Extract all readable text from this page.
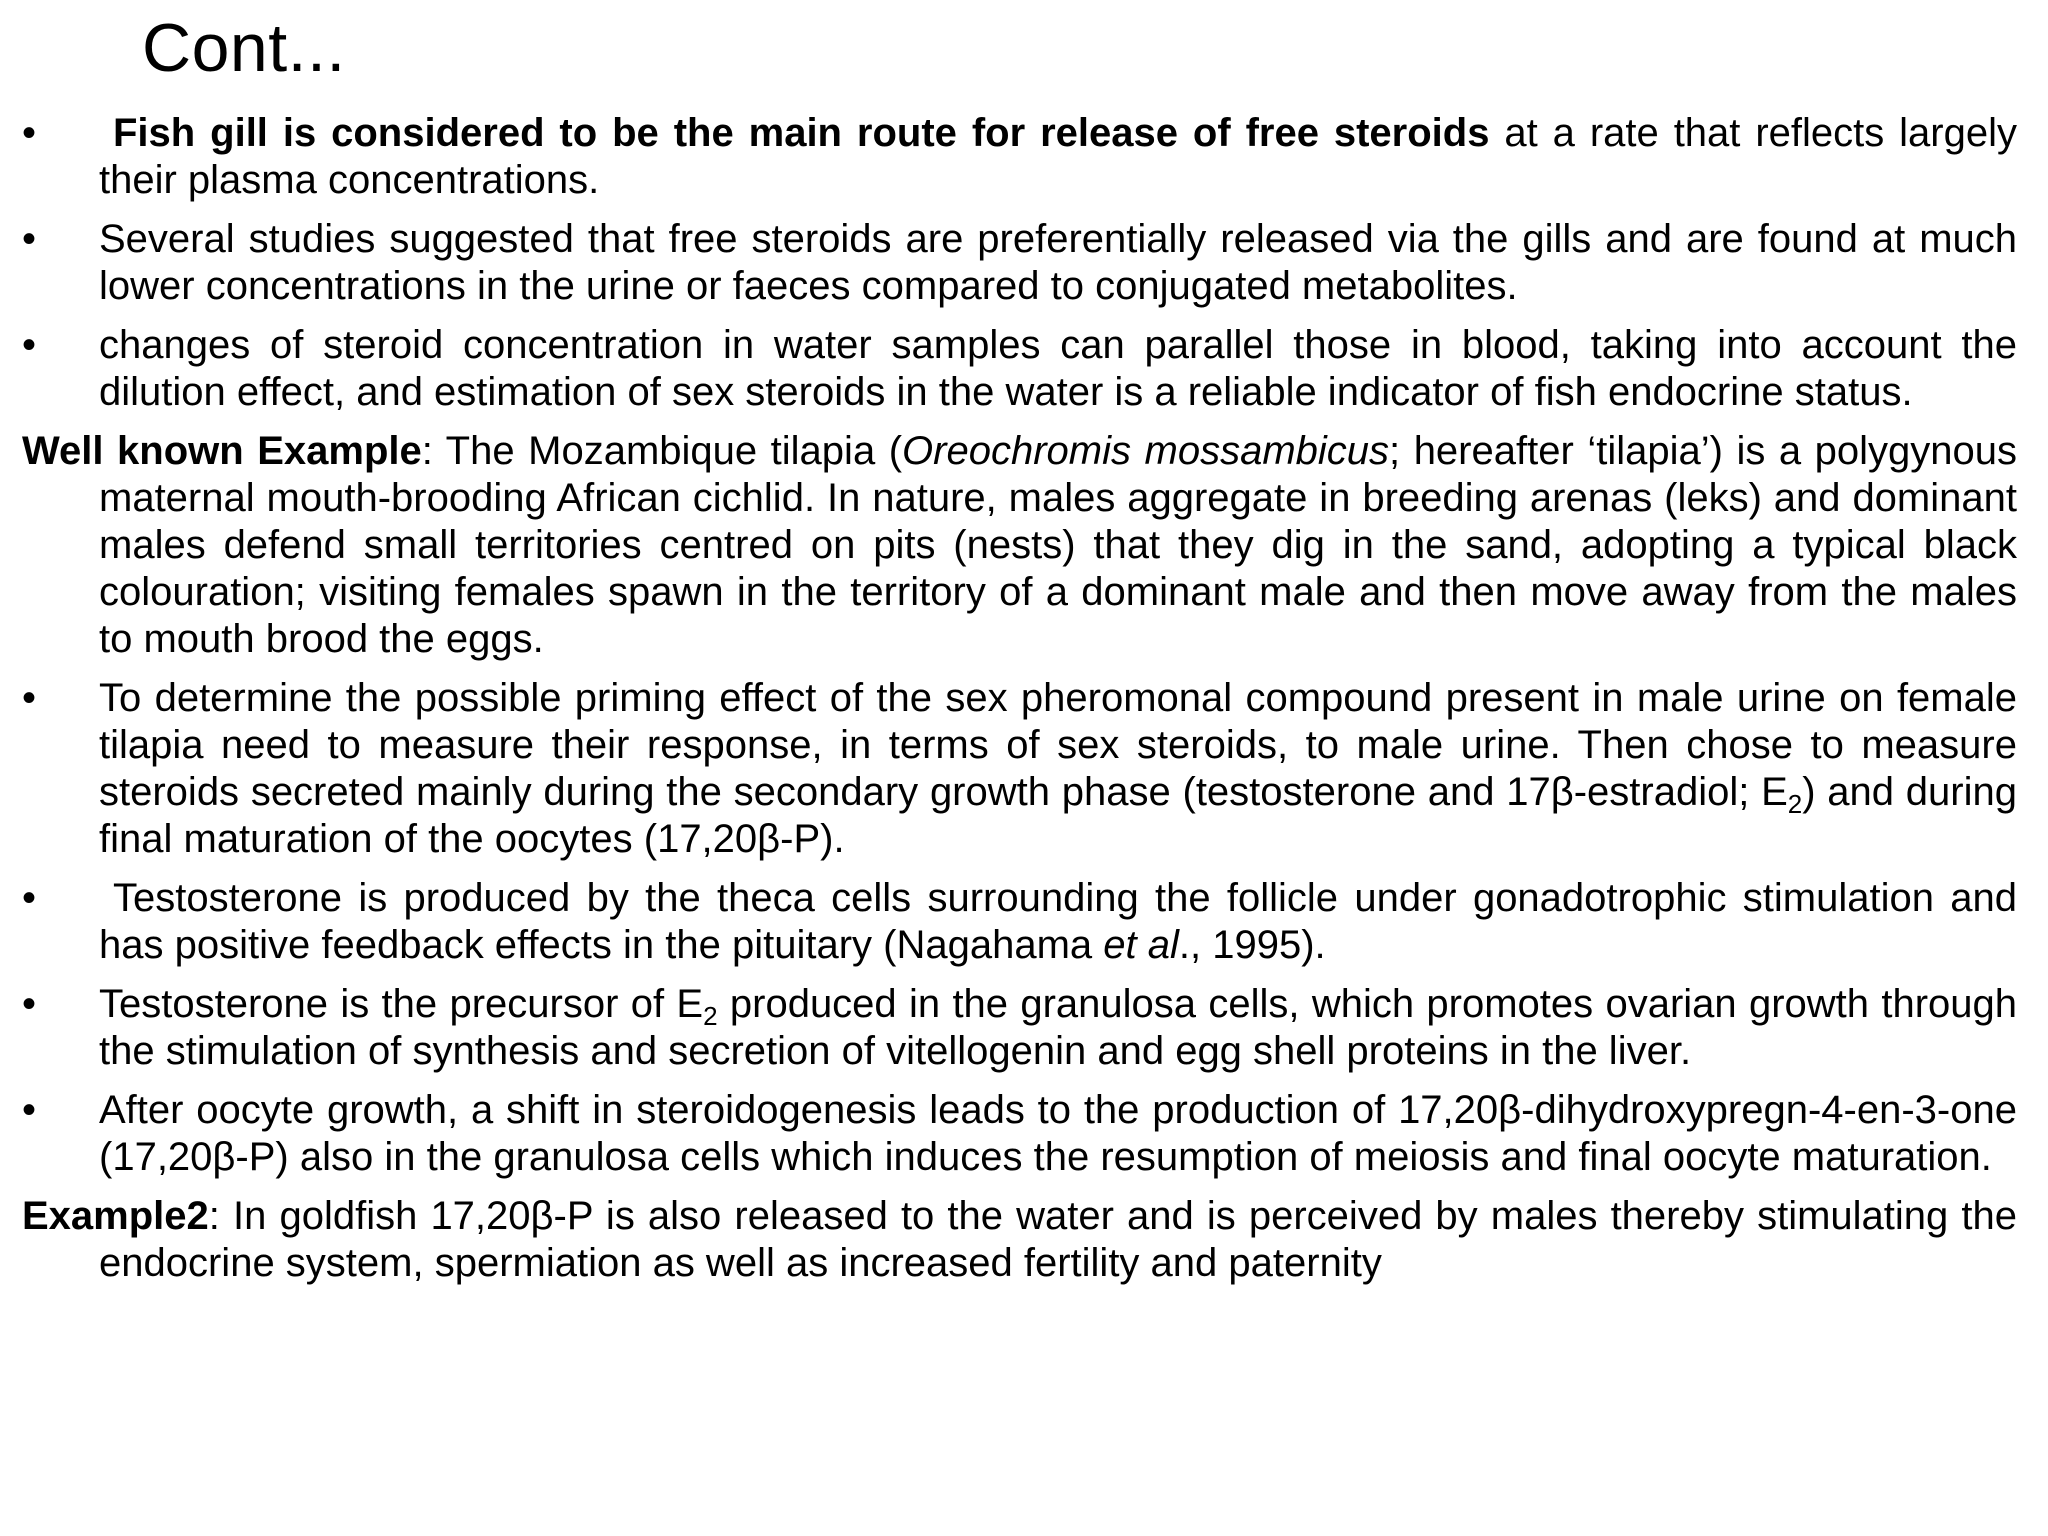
Cont...
•	Fish gill is considered to be the main route for release of free steroids at a rate that reflects largely their plasma concentrations.
•	Several studies suggested that free steroids are preferentially released via the gills and are found at much lower concentrations in the urine or faeces compared to conjugated metabolites.
•	changes of steroid concentration in water samples can parallel those in blood, taking into account the dilution effect, and estimation of sex steroids in the water is a reliable indicator of fish endocrine status.
Well known Example: The Mozambique tilapia (Oreochromis mossambicus; hereafter ‘tilapia’) is a polygynous maternal mouth-brooding African cichlid. In nature, males aggregate in breeding arenas (leks) and dominant males defend small territories centred on pits (nests) that they dig in the sand, adopting a typical black colouration; visiting females spawn in the territory of a dominant male and then move away from the males to mouth brood the eggs.
•	To determine the possible priming effect of the sex pheromonal compound present in male urine on female tilapia need to measure their response, in terms of sex steroids, to male urine. Then chose to measure steroids secreted mainly during the secondary growth phase (testosterone and 17β-estradiol; $E_2$) and during final maturation of the oocytes (17,20β-P).
•	Testosterone is produced by the theca cells surrounding the follicle under gonadotrophic stimulation and has positive feedback effects in the pituitary (Nagahama et al., 1995).
•	Testosterone is the precursor of $E_2$ produced in the granulosa cells, which promotes ovarian growth through the stimulation of synthesis and secretion of vitellogenin and egg shell proteins in the liver.
•	After oocyte growth, a shift in steroidogenesis leads to the production of 17,20β-dihydroxypregn-4-en-3-one (17,20β-P) also in the granulosa cells which induces the resumption of meiosis and final oocyte maturation.
Example2: In goldfish 17,20β-P is also released to the water and is perceived by males thereby stimulating the endocrine system, spermiation as well as increased fertility and paternity
